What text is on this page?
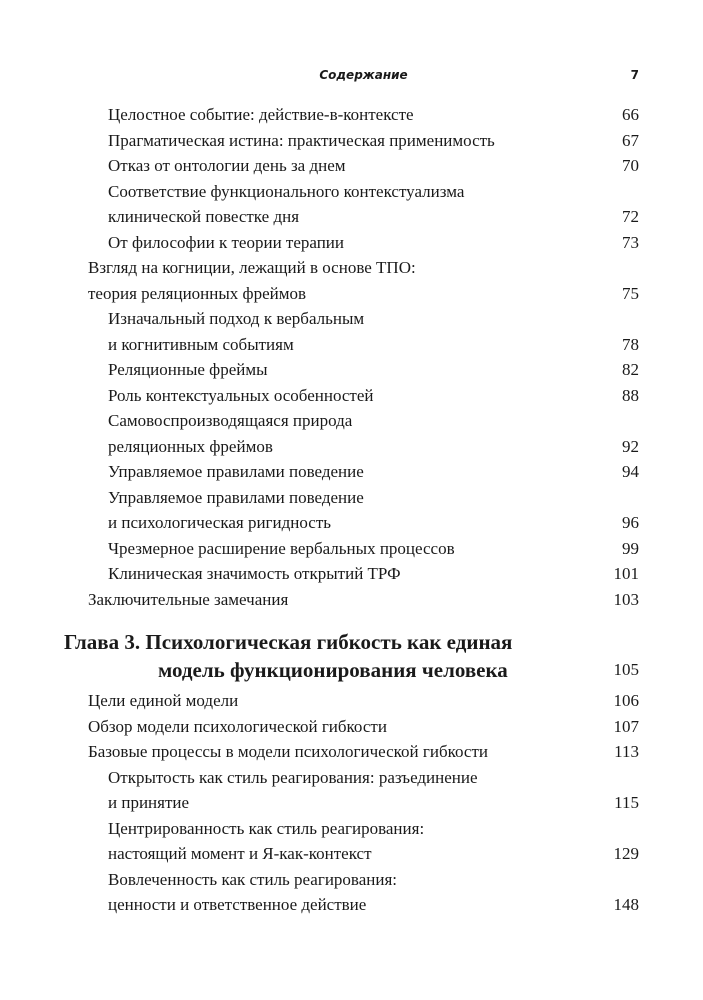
Содержание	7
Целостное событие: действие-в-контексте	66
Прагматическая истина: практическая применимость	67
Отказ от онтологии день за днем	70
Соответствие функционального контекстуализма
клинической повестке дня	72
От философии к теории терапии	73
Взгляд на когниции, лежащий в основе ТПО:
теория реляционных фреймов	75
Изначальный подход к вербальным
и когнитивным событиям	78
Реляционные фреймы	82
Роль контекстуальных особенностей	88
Самовоспроизводящаяся природа
реляционных фреймов	92
Управляемое правилами поведение	94
Управляемое правилами поведение
и психологическая ригидность	96
Чрезмерное расширение вербальных процессов	99
Клиническая значимость открытий ТРФ	101
Заключительные замечания	103
Глава 3. Психологическая гибкость как единая
модель функционирования человека	105
Цели единой модели	106
Обзор модели психологической гибкости	107
Базовые процессы в модели психологической гибкости	113
Открытость как стиль реагирования: разъединение
и принятие	115
Центрированность как стиль реагирования:
настоящий момент и Я-как-контекст	129
Вовлеченность как стиль реагирования:
ценности и ответственное действие	148
